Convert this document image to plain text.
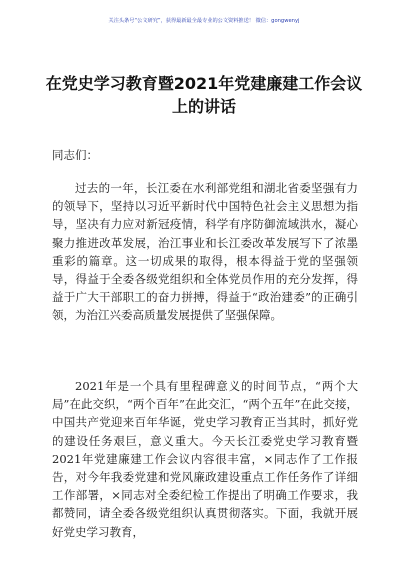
关注头条号“公文研究”，获得最新最全最专业的公文资料推送！ 微信：gongwenyj
在党史学习教育暨2021年党建廉建工作会议上的讲话
同志们：

过去的一年，长江委在水利部党组和湖北省委坚强有力的领导下，坚持以习近平新时代中国特色社会主义思想为指导，坚决有力应对新冠疫情，科学有序防御流域洪水，凝心聚力推进改革发展，治江事业和长江委改革发展写下了浓墨重彩的篇章。这一切成果的取得，根本得益于党的坚强领导，得益于全委各级党组织和全体党员作用的充分发挥，得益于广大干部职工的奋力拼搏，得益于“政治建委”的正确引领，为治江兴委高质量发展提供了坚强保障。

2021年是一个具有里程碑意义的时间节点，“两个大局”在此交织，“两个百年”在此交汇，“两个五年”在此交接，中国共产党迎来百年华诞，党史学习教育正当其时，抓好党的建设任务艰巨，意义重大。今天长江委党史学习教育暨2021年党建廉建工作会议内容很丰富，×同志作了工作报告，对今年我委党建和党风廉政建设重点工作任务作了详细工作部署，×同志对全委纪检工作提出了明确工作要求，我都赞同，请全委各级党组织认真贯彻落实。下面，我就开展好党史学习教育，
